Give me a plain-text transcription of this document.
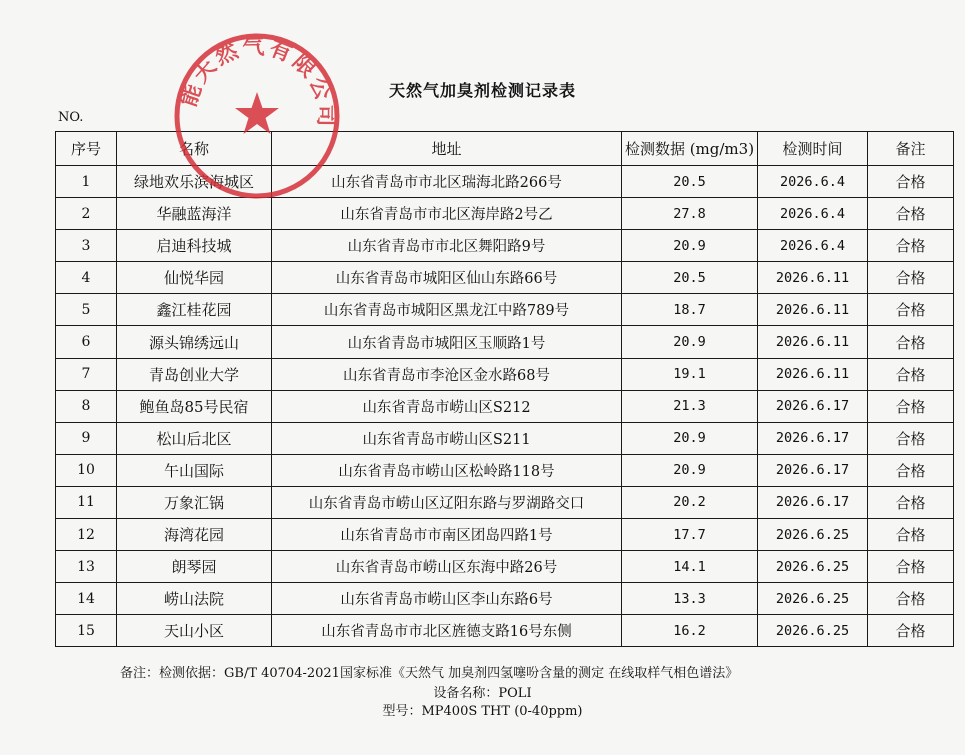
天然气加臭剂检测记录表
NO.
序号	名称	地址	检测数据 (mg/m3)	检测时间	备注
1	绿地欢乐滨海城区	山东省青岛市市北区瑞海北路266号	20.5	2026.6.4	合格
2	华融蓝海洋	山东省青岛市市北区海岸路2号乙	27.8	2026.6.4	合格
3	启迪科技城	山东省青岛市市北区舞阳路9号	20.9	2026.6.4	合格
4	仙悦华园	山东省青岛市城阳区仙山东路66号	20.5	2026.6.11	合格
5	鑫江桂花园	山东省青岛市城阳区黑龙江中路789号	18.7	2026.6.11	合格
6	源头锦绣远山	山东省青岛市城阳区玉顺路1号	20.9	2026.6.11	合格
7	青岛创业大学	山东省青岛市李沧区金水路68号	19.1	2026.6.11	合格
8	鲍鱼岛85号民宿	山东省青岛市崂山区S212	21.3	2026.6.17	合格
9	松山后北区	山东省青岛市崂山区S211	20.9	2026.6.17	合格
10	午山国际	山东省青岛市崂山区松岭路118号	20.9	2026.6.17	合格
11	万象汇锅	山东省青岛市崂山区辽阳东路与罗湖路交口	20.2	2026.6.17	合格
12	海湾花园	山东省青岛市市南区团岛四路1号	17.7	2026.6.25	合格
13	朗琴园	山东省青岛市崂山区东海中路26号	14.1	2026.6.25	合格
14	崂山法院	山东省青岛市崂山区李山东路6号	13.3	2026.6.25	合格
15	天山小区	山东省青岛市市北区旌德支路16号东侧	16.2	2026.6.25	合格
备注：检测依据：GB/T 40704-2021国家标准《天然气 加臭剂四氢噻吩含量的测定 在线取样气相色谱法》
设备名称：POLI
型号：MP400S THT (0-40ppm)
能天然气有限公司
